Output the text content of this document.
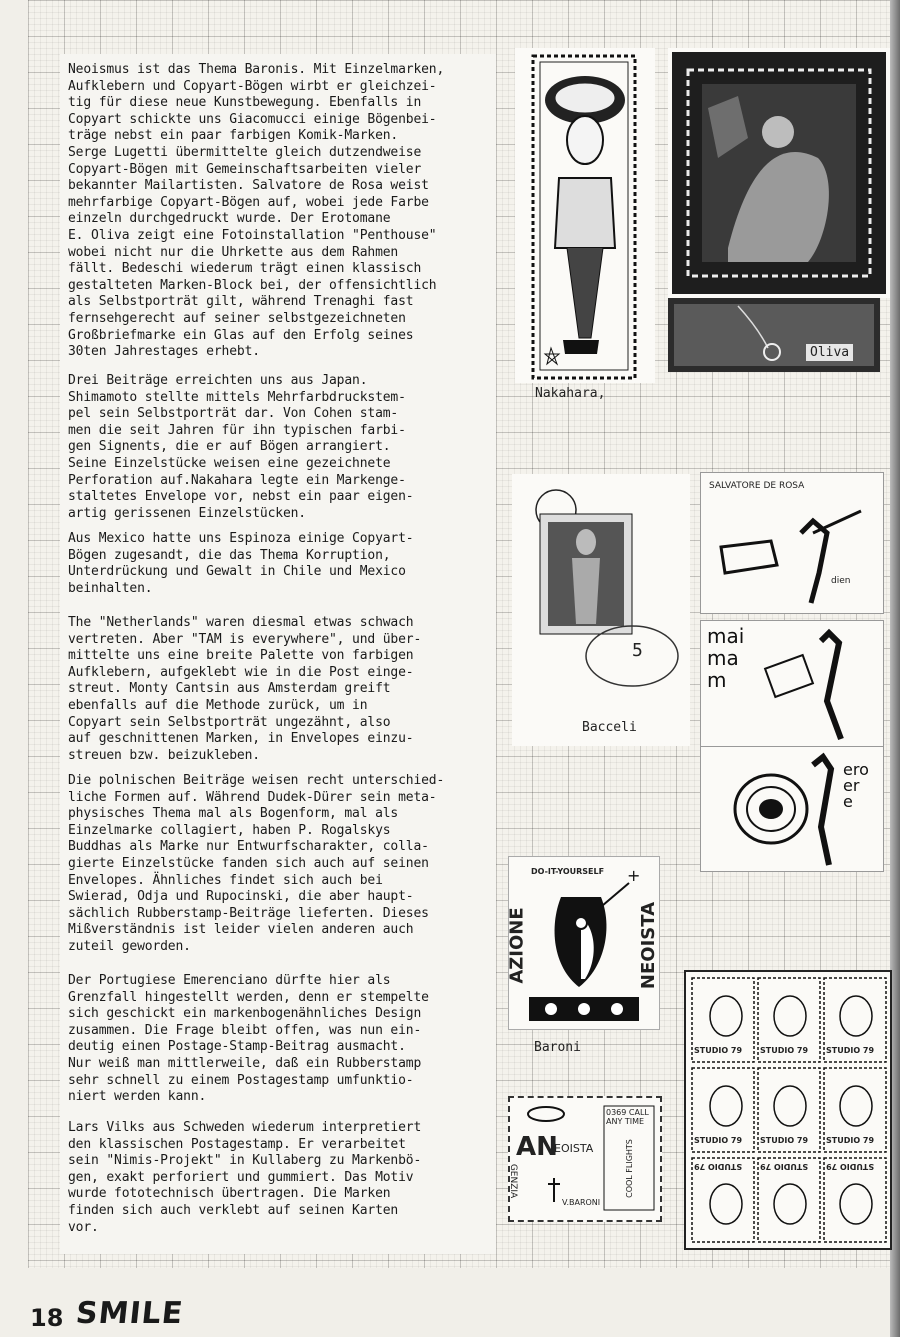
Neoismus ist das Thema Baronis. Mit Einzelmarken,
Aufklebern und Copyart-Bögen wirbt er gleichzei-
tig für diese neue Kunstbewegung. Ebenfalls in
Copyart schickte uns Giacomucci einige Bögenbei-
träge nebst ein paar farbigen Komik-Marken.
Serge Lugetti übermittelte gleich dutzendweise
Copyart-Bögen mit Gemeinschaftsarbeiten vieler
bekannter Mailartisten. Salvatore de Rosa weist
mehrfarbige Copyart-Bögen auf, wobei jede Farbe
einzeln durchgedruckt wurde. Der Erotomane
E. Oliva zeigt eine Fotoinstallation "Penthouse"
wobei nicht nur die Uhrkette aus dem Rahmen
fällt. Bedeschi wiederum trägt einen klassisch
gestalteten Marken-Block bei, der offensichtlich
als Selbstporträt gilt, während Trenaghi fast
fernsehgerecht auf seiner selbstgezeichneten
Großbriefmarke ein Glas auf den Erfolg seines
30ten Jahrestages erhebt.

Drei Beiträge erreichten uns aus Japan.
Shimamoto stellte mittels Mehrfarbdruckstem-
pel sein Selbstporträt dar. Von Cohen stam-
men die seit Jahren für ihn typischen farbi-
gen Signents, die er auf Bögen arrangiert.
Seine Einzelstücke weisen eine gezeichnete
Perforation auf.Nakahara legte ein Markenge-
staltetes Envelope vor, nebst ein paar eigen-
artig gerissenen Einzelstücken.

Aus Mexico hatte uns Espinoza einige Copyart-
Bögen zugesandt, die das Thema Korruption,
Unterdrückung und Gewalt in Chile und Mexico
beinhalten.

The "Netherlands" waren diesmal etwas schwach
vertreten. Aber "TAM is everywhere", und über-
mittelte uns eine breite Palette von farbigen
Aufklebern, aufgeklebt wie in die Post einge-
streut. Monty Cantsin aus Amsterdam greift
ebenfalls auf die Methode zurück, um in
Copyart sein Selbstporträt ungezähnt, also
auf geschnittenen Marken, in Envelopes einzu-
streuen bzw. beizukleben.

Die polnischen Beiträge weisen recht unterschied-
liche Formen auf. Während Dudek-Dürer sein meta-
physisches Thema mal als Bogenform, mal als
Einzelmarke collagiert, haben P. Rogalskys
Buddhas als Marke nur Entwurfscharakter, colla-
gierte Einzelstücke fanden sich auch auf seinen
Envelopes. Ähnliches findet sich auch bei
Swierad, Odja und Rupocinski, die aber haupt-
sächlich Rubberstamp-Beiträge lieferten. Dieses
Mißverständnis ist leider vielen anderen auch
zuteil geworden.

Der Portugiese Emerenciano dürfte hier als
Grenzfall hingestellt werden, denn er stempelte
sich geschickt ein markenbogenähnliches Design
zusammen. Die Frage bleibt offen, was nun ein-
deutig einen Postage-Stamp-Beitrag ausmacht.
Nur weiß man mittlerweile, daß ein Rubberstamp
sehr schnell zu einem Postagestamp umfunktio-
niert werden kann.

Lars Vilks aus Schweden wiederum interpretiert
den klassischen Postagestamp. Er verarbeitet
sein "Nimis-Projekt" in Kullaberg zu Markenbö-
gen, exakt perforiert und gummiert. Das Motiv
wurde fototechnisch übertragen. Die Marken
finden sich auch verklebt auf seinen Karten
vor.

Nakahara,
Oliva
5
Bacceli
SALVATORE DE ROSA
dien
mai
ma
m
ero
er
e
DO-IT-YOURSELF +
AZIONE	NEOISTA
Baroni
AN
EOISTA
GENZIA
0369 CALL ANY TIME
COOL FLIGHTS
V.BARONI
STUDIO 79 STUDIO 79 STUDIO 79
STUDIO 79 STUDIO 79 STUDIO 79
STUDIO 79 STUDIO 79 STUDIO 79
18 SMILE
